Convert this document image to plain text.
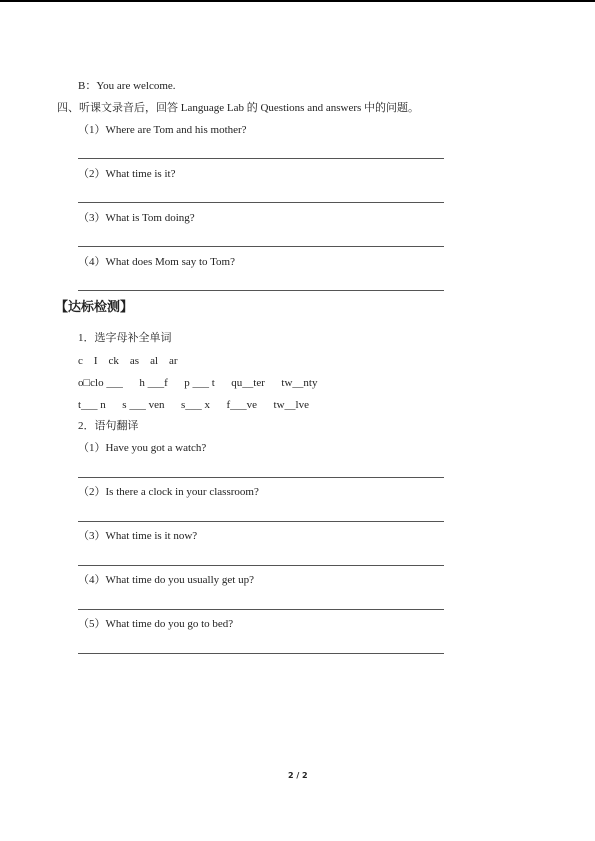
B：You are welcome.
四、听课文录音后，回答 Language Lab 的 Questions and answers 中的问题。
（1）Where are Tom and his mother?
（2）What time is it?
（3）What is Tom doing?
（4）What does Mom say to Tom?
【达标检测】
1．选字母补全单词
c    I    ck    as    al    ar
o□clo ___      h ___f      p ___ t      qu__ter      tw__nty
t___ n      s ___ ven      s___ x      f___ve      tw__lve
2．语句翻译
（1）Have you got a watch?
（2）Is there a clock in your classroom?
（3）What time is it now?
（4）What time do you usually get up?
（5）What time do you go to bed?
2 / 2
